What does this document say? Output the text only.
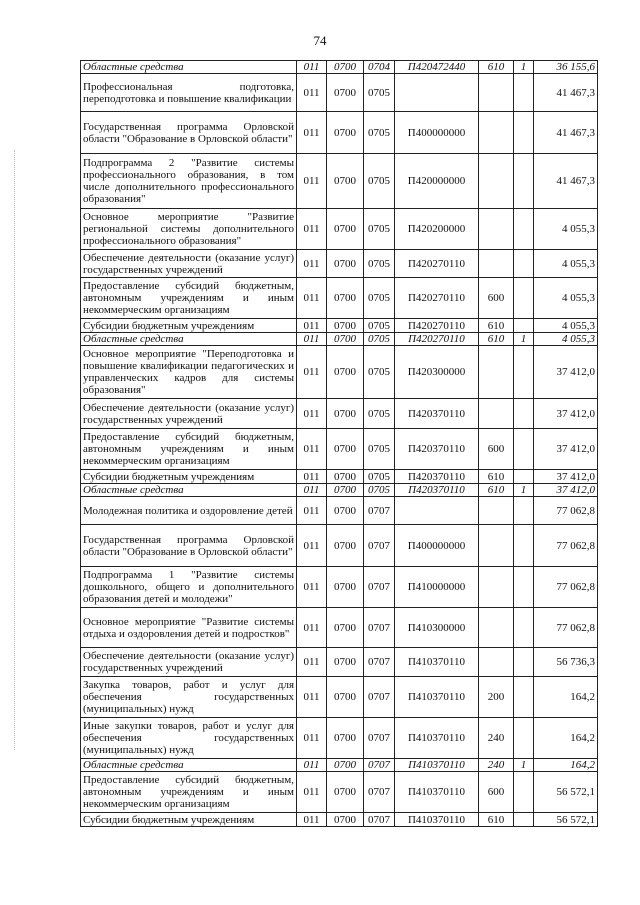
74
Областные средства	011	0700	0704	П420472440	610	1	36 155,6
Профессиональная подготовка, переподготовка и повышение квалификации	011	0700	0705				41 467,3
Государственная программа Орловской области "Образование в Орловской области"	011	0700	0705	П400000000			41 467,3
Подпрограмма 2 "Развитие системы профессионального образования, в том числе дополнительного профессионального образования"	011	0700	0705	П420000000			41 467,3
Основное мероприятие "Развитие региональной системы дополнительного профессионального образования"	011	0700	0705	П420200000			4 055,3
Обеспечение деятельности (оказание услуг) государственных учреждений	011	0700	0705	П420270110			4 055,3
Предоставление субсидий бюджетным, автономным учреждениям и иным некоммерческим организациям	011	0700	0705	П420270110	600		4 055,3
Субсидии бюджетным учреждениям	011	0700	0705	П420270110	610		4 055,3
Областные средства	011	0700	0705	П420270110	610	1	4 055,3
Основное мероприятие "Переподготовка и повышение квалификации педагогических и управленческих кадров для системы образования"	011	0700	0705	П420300000			37 412,0
Обеспечение деятельности (оказание услуг) государственных учреждений	011	0700	0705	П420370110			37 412,0
Предоставление субсидий бюджетным, автономным учреждениям и иным некоммерческим организациям	011	0700	0705	П420370110	600		37 412,0
Субсидии бюджетным учреждениям	011	0700	0705	П420370110	610		37 412,0
Областные средства	011	0700	0705	П420370110	610	1	37 412,0
Молодежная политика и оздоровление детей	011	0700	0707				77 062,8
Государственная программа Орловской области "Образование в Орловской области"	011	0700	0707	П400000000			77 062,8
Подпрограмма 1 "Развитие системы дошкольного, общего и дополнительного образования детей и молодежи"	011	0700	0707	П410000000			77 062,8
Основное мероприятие "Развитие системы отдыха и оздоровления детей и подростков"	011	0700	0707	П410300000			77 062,8
Обеспечение деятельности (оказание услуг) государственных учреждений	011	0700	0707	П410370110			56 736,3
Закупка товаров, работ и услуг для обеспечения государственных (муниципальных) нужд	011	0700	0707	П410370110	200		164,2
Иные закупки товаров, работ и услуг для обеспечения государственных (муниципальных) нужд	011	0700	0707	П410370110	240		164,2
Областные средства	011	0700	0707	П410370110	240	1	164,2
Предоставление субсидий бюджетным, автономным учреждениям и иным некоммерческим организациям	011	0700	0707	П410370110	600		56 572,1
Субсидии бюджетным учреждениям	011	0700	0707	П410370110	610		56 572,1
